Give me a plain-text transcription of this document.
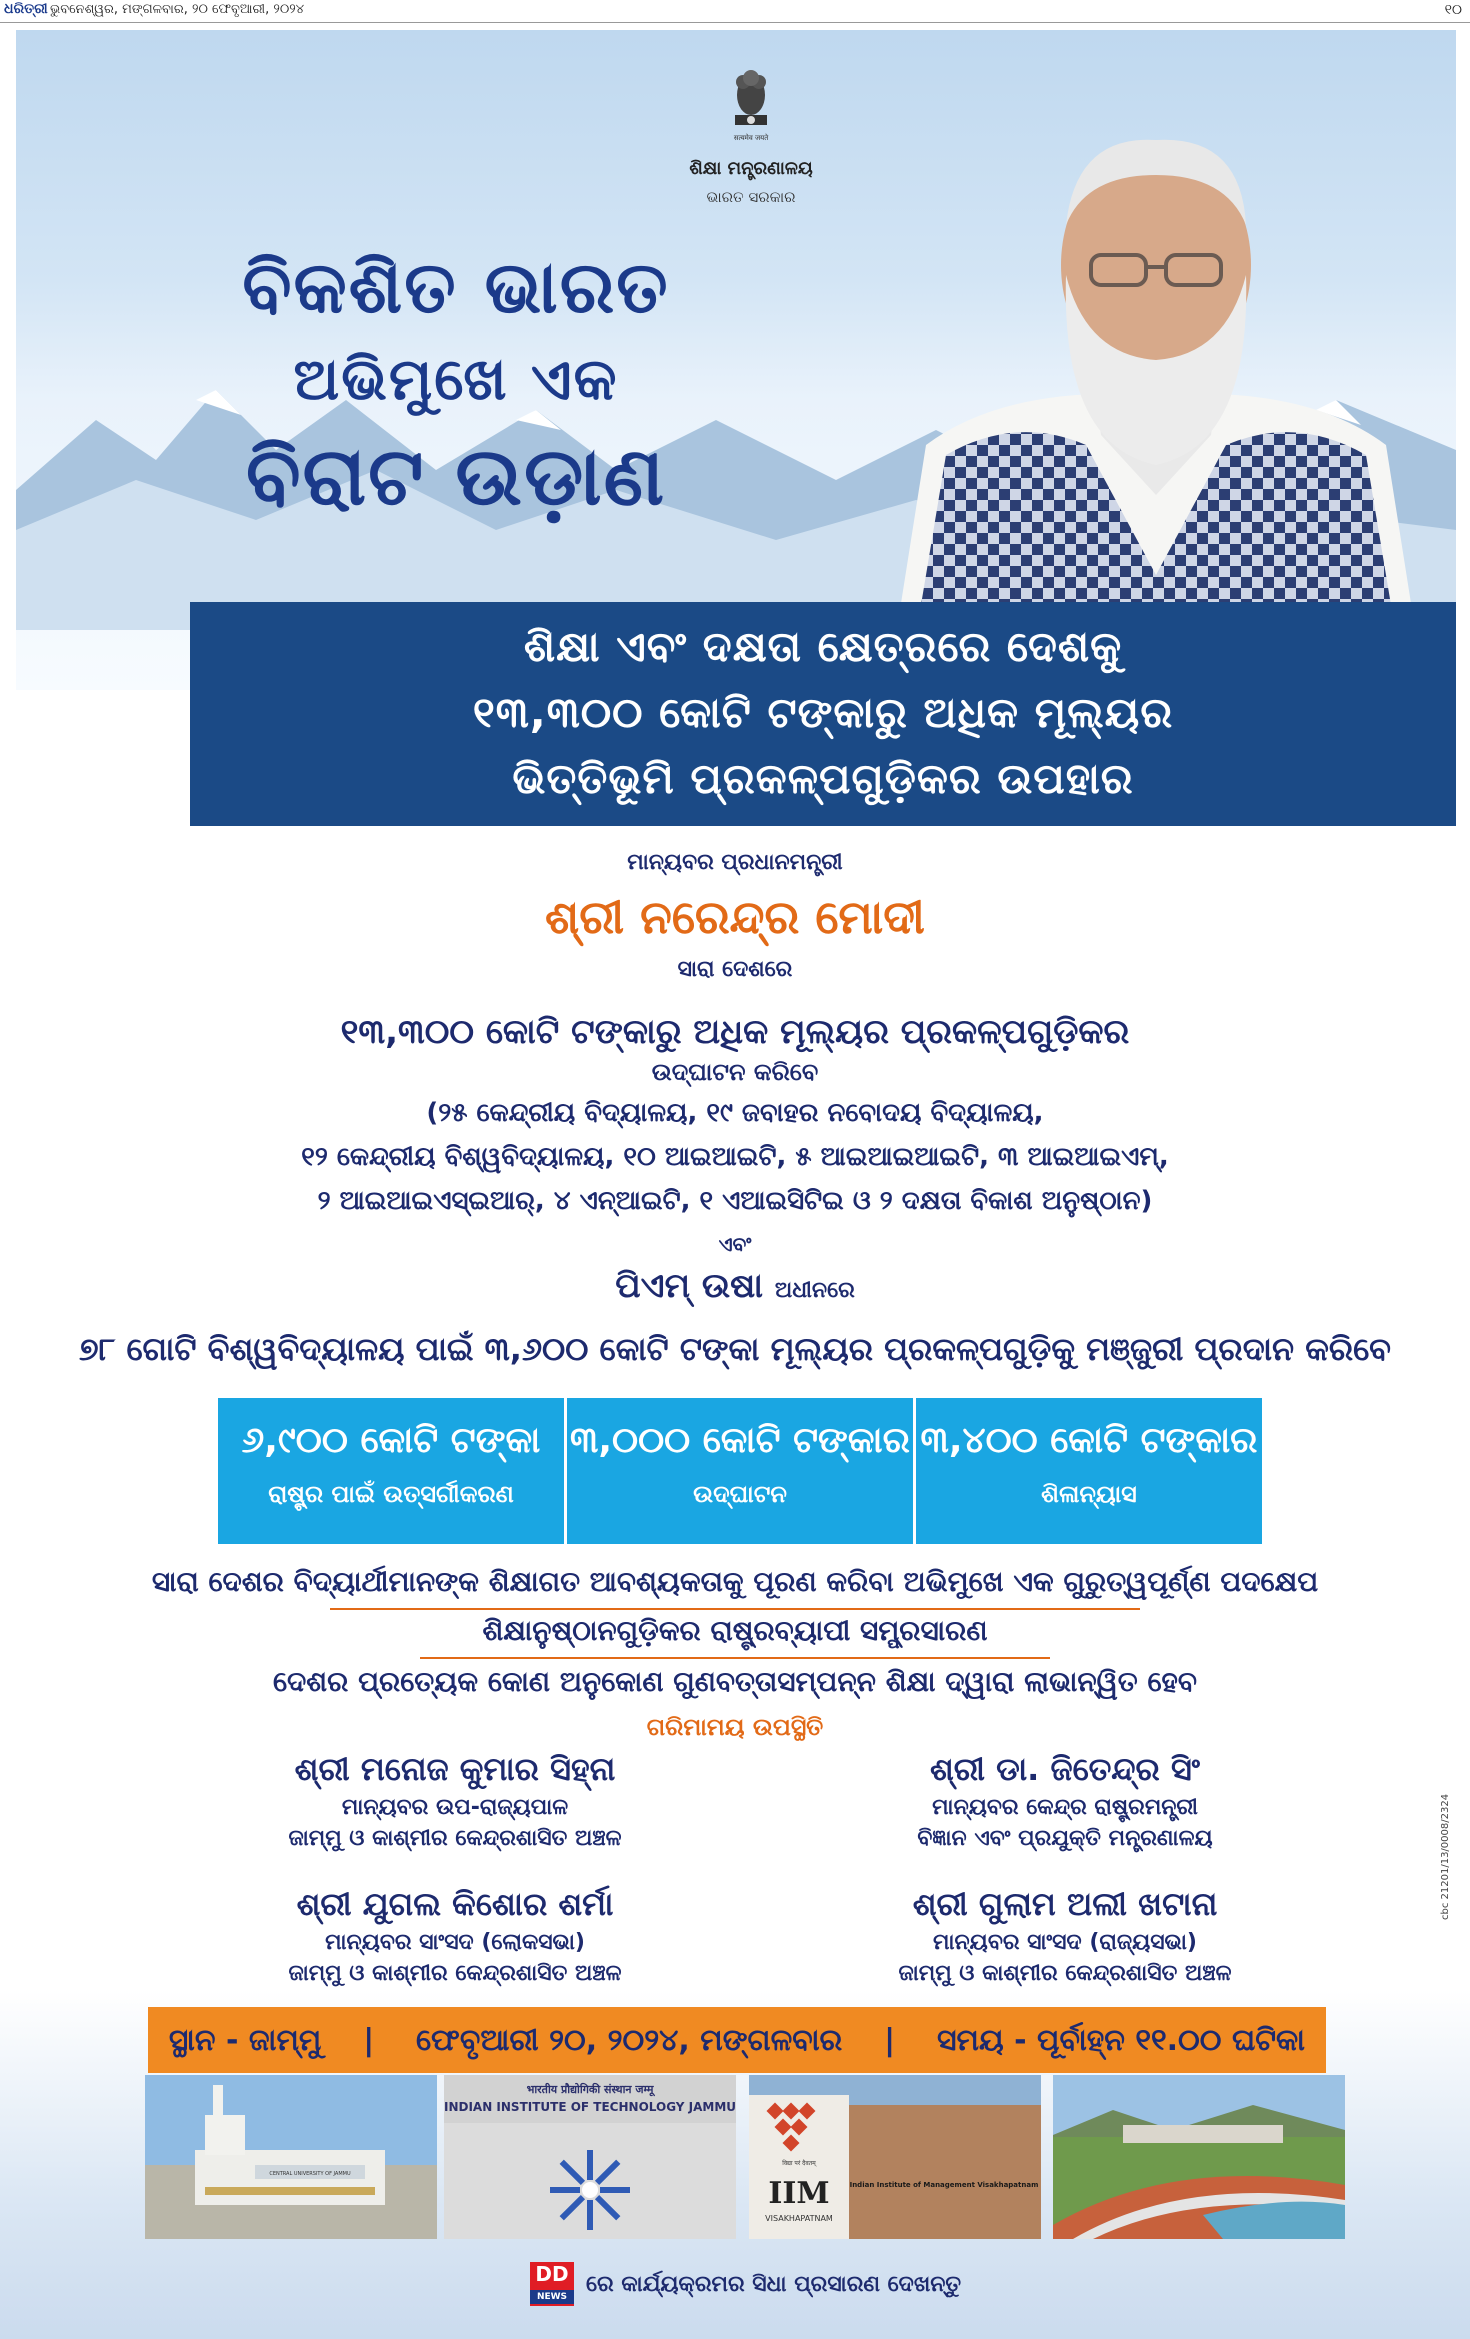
ଧରିତ୍ରୀ ଭୁବନେଶ୍ୱର, ମଙ୍ଗଳବାର, ୨୦ ଫେବୃଆରୀ, ୨୦୨୪	୧୦
सत्यमेव जयते
ଶିକ୍ଷା ମନ୍ତ୍ରଣାଳୟ
ଭାରତ ସରକାର
ବିକଶିତ ଭାରତ
ଅଭିମୁଖେ ଏକ
ବିରାଟ ଉଡ଼ାଣ
ଶିକ୍ଷା ଏବଂ ଦକ୍ଷତା କ୍ଷେତ୍ରରେ ଦେଶକୁ
୧୩,୩୦୦ କୋଟି ଟଙ୍କାରୁ ଅଧିକ ମୂଲ୍ୟର
ଭିତ୍ତିଭୂମି ପ୍ରକଳ୍ପଗୁଡ଼ିକର ଉପହାର
ମାନ୍ୟବର ପ୍ରଧାନମନ୍ତ୍ରୀ
ଶ୍ରୀ ନରେନ୍ଦ୍ର ମୋଦୀ
ସାରା ଦେଶରେ
୧୩,୩୦୦ କୋଟି ଟଙ୍କାରୁ ଅଧିକ ମୂଲ୍ୟର ପ୍ରକଳ୍ପଗୁଡ଼ିକର
ଉଦ୍‌ଘାଟନ କରିବେ
(୨୫ କେନ୍ଦ୍ରୀୟ ବିଦ୍ୟାଳୟ, ୧୯ ଜବାହର ନବୋଦୟ ବିଦ୍ୟାଳୟ,
୧୨ କେନ୍ଦ୍ରୀୟ ବିଶ୍ୱବିଦ୍ୟାଳୟ, ୧୦ ଆଇଆଇଟି, ୫ ଆଇଆଇଆଇଟି, ୩ ଆଇଆଇଏମ୍,
୨ ଆଇଆଇଏସ୍‌ଇଆର୍, ୪ ଏନ୍‌ଆଇଟି, ୧ ଏଆଇସିଟିଇ ଓ ୨ ଦକ୍ଷତା ବିକାଶ ଅନୁଷ୍ଠାନ)
ଏବଂ
ପିଏମ୍ ଉଷା ଅଧୀନରେ
୭୮ ଗୋଟି ବିଶ୍ୱବିଦ୍ୟାଳୟ ପାଇଁ ୩,୬୦୦ କୋଟି ଟଙ୍କା ମୂଲ୍ୟର ପ୍ରକଳ୍ପଗୁଡ଼ିକୁ ମଞ୍ଜୁରୀ ପ୍ରଦାନ କରିବେ
୬,୯୦୦ କୋଟି ଟଙ୍କା
ରାଷ୍ଟ୍ର ପାଇଁ ଉତ୍ସର୍ଗୀକରଣ
୩,୦୦୦ କୋଟି ଟଙ୍କାର
ଉଦ୍‌ଘାଟନ
୩,୪୦୦ କୋଟି ଟଙ୍କାର
ଶିଳାନ୍ୟାସ
ସାରା ଦେଶର ବିଦ୍ୟାର୍ଥୀମାନଙ୍କ ଶିକ୍ଷାଗତ ଆବଶ୍ୟକତାକୁ ପୂରଣ କରିବା ଅଭିମୁଖେ ଏକ ଗୁରୁତ୍ୱପୂର୍ଣ୍ଣ ପଦକ୍ଷେପ
ଶିକ୍ଷାନୁଷ୍ଠାନଗୁଡ଼ିକର ରାଷ୍ଟ୍ରବ୍ୟାପୀ ସମ୍ପ୍ରସାରଣ
ଦେଶର ପ୍ରତ୍ୟେକ କୋଣ ଅନୁକୋଣ ଗୁଣବତ୍ତାସମ୍ପନ୍ନ ଶିକ୍ଷା ଦ୍ୱାରା ଲାଭାନ୍ୱିତ ହେବ
ଗରିମାମୟ ଉପସ୍ଥିତି
ଶ୍ରୀ ମନୋଜ କୁମାର ସିହ୍ନା
ମାନ୍ୟବର ଉପ-ରାଜ୍ୟପାଳ
ଜାମ୍ମୁ ଓ କାଶ୍ମୀର କେନ୍ଦ୍ରଶାସିତ ଅଞ୍ଚଳ
ଶ୍ରୀ ଡା. ଜିତେନ୍ଦ୍ର ସିଂ
ମାନ୍ୟବର କେନ୍ଦ୍ର ରାଷ୍ଟ୍ରମନ୍ତ୍ରୀ
ବିଜ୍ଞାନ ଏବଂ ପ୍ରଯୁକ୍ତି ମନ୍ତ୍ରଣାଳୟ
ଶ୍ରୀ ଯୁଗଲ କିଶୋର ଶର୍ମା
ମାନ୍ୟବର ସାଂସଦ (ଲୋକସଭା)
ଜାମ୍ମୁ ଓ କାଶ୍ମୀର କେନ୍ଦ୍ରଶାସିତ ଅଞ୍ଚଳ
ଶ୍ରୀ ଗୁଲାମ ଅଲୀ ଖଟାନା
ମାନ୍ୟବର ସାଂସଦ (ରାଜ୍ୟସଭା)
ଜାମ୍ମୁ ଓ କାଶ୍ମୀର କେନ୍ଦ୍ରଶାସିତ ଅଞ୍ଚଳ
cbc 21201/13/0008/2324
ସ୍ଥାନ - ଜାମ୍ମୁ | ଫେବୃଆରୀ ୨୦, ୨୦୨୪, ମଙ୍ଗଳବାର | ସମୟ - ପୂର୍ବାହ୍ନ ୧୧.୦୦ ଘଟିକା
CENTRAL UNIVERSITY OF JAMMU
भारतीय प्रौद्योगिकी संस्थान जम्मू
INDIAN INSTITUTE OF TECHNOLOGY JAMMU
विद्या परं दैवतम्
IIM
VISAKHAPATNAM
Indian Institute of Management Visakhapatnam
DD
NEWS ରେ କାର୍ଯ୍ୟକ୍ରମର ସିଧା ପ୍ରସାରଣ ଦେଖନ୍ତୁ
